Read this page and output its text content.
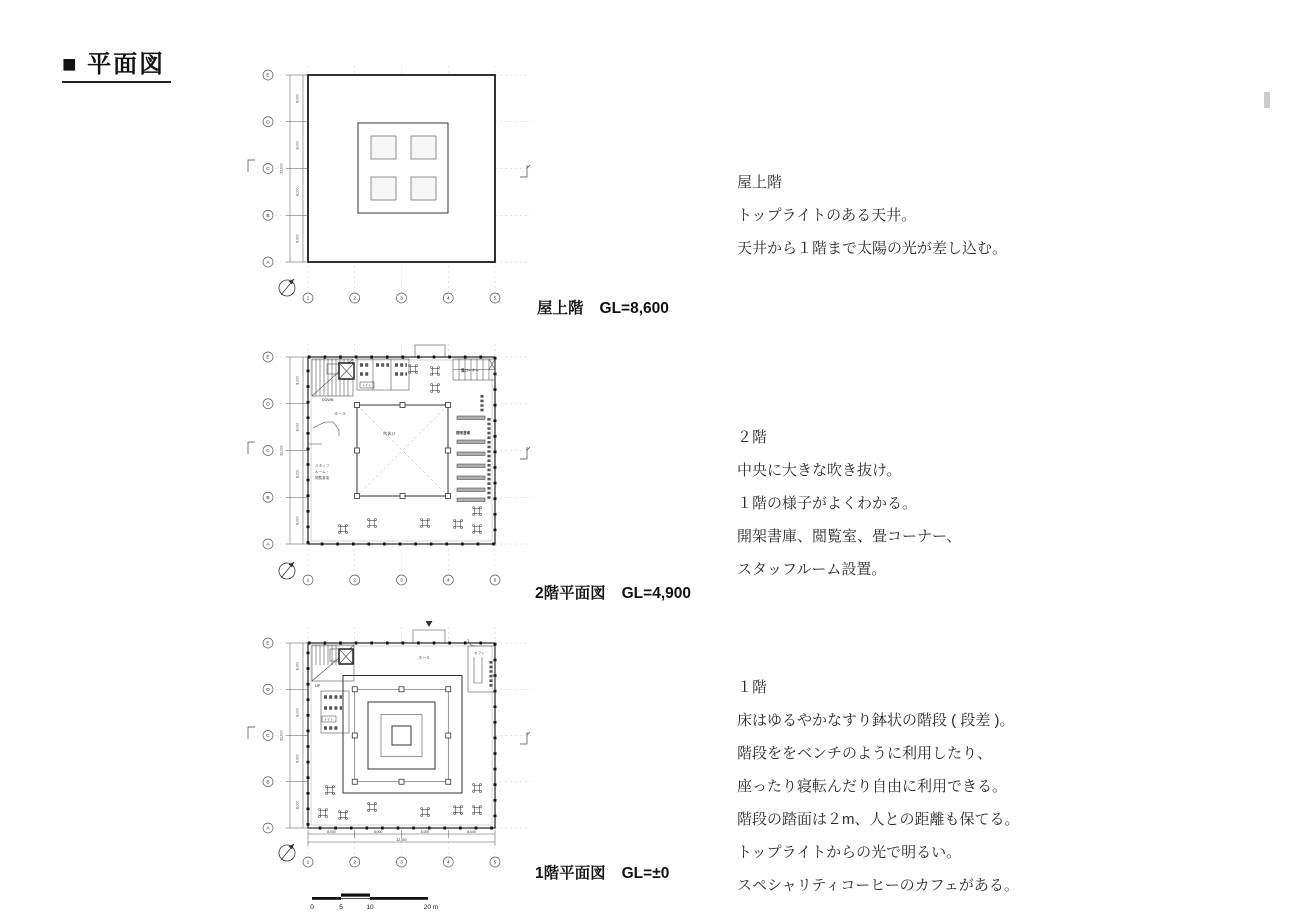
■ 平面図
8,000
8,000
8,000
8,000
32,000
E
D
C
B
A
1	2	3	4	5
屋上階 GL=8,600
吹抜け
DOWN
トイレ
畳コーナー
開架書庫
スタッフ
ルーム・
閲覧書架
ホール
8,000
8,000
8,000
8,000
32,000
E
D
C
B
A
1	2	3	4	5
2階平面図 GL=4,900
UP
トイレ
カフェ
ホール
8,000
8,000
8,000
8,000
32,000
8,000	8,000	8,000	8,000
32,000
E
D
C
B
A
1	2	3	4	5
1階平面図 GL=±0
0	5	10	20 m
屋上階
トップライトのある天井。
天井から１階まで太陽の光が差し込む。
２階
中央に大きな吹き抜け。
１階の様子がよくわかる。
開架書庫、閲覧室、畳コーナー、
スタッフルーム設置。
１階
床はゆるやかなすり鉢状の階段 ( 段差 )。
階段ををベンチのように利用したり、
座ったり寝転んだり自由に利用できる。
階段の踏面は２m、人との距離も保てる。
トップライトからの光で明るい。
スペシャリティコーヒーのカフェがある。
